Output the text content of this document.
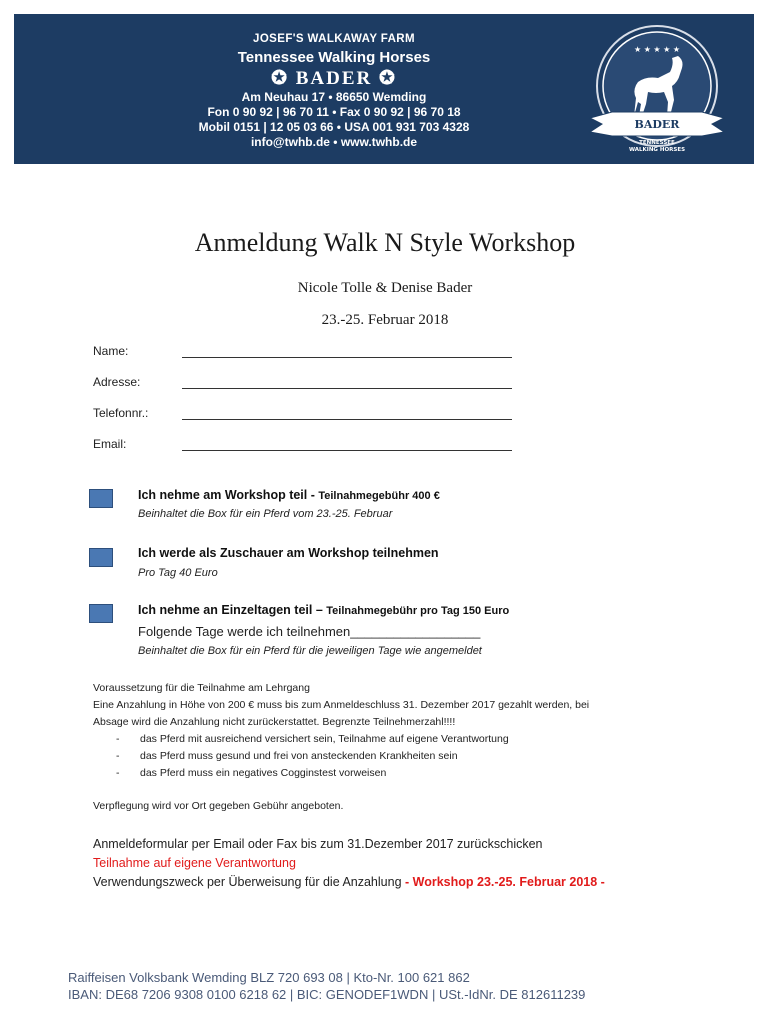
JOSEF'S WALKAWAY FARM
Tennessee Walking Horses
✪ BADER ✪
Am Neuhau 17 • 86650 Wemding
Fon 0 90 92 | 96 70 11 • Fax 0 90 92 | 96 70 18
Mobil 0151 | 12 05 03 66 • USA 001 931 703 4328
info@twhb.de • www.twhb.de
★ ★ ★ ★ ★
BADER
TENNESSEE
WALKING HORSES
Anmeldung Walk N Style Workshop
Nicole Tolle & Denise Bader
23.-25. Februar 2018
Name:
Adresse:
Telefonnr.:
Email:
Ich nehme am Workshop teil - Teilnahmegebühr 400 €
Beinhaltet die Box für ein Pferd vom 23.-25. Februar
Ich werde als Zuschauer am Workshop teilnehmen
Pro Tag 40 Euro
Ich nehme an Einzeltagen teil – Teilnahmegebühr pro Tag 150 Euro
Folgende Tage werde ich teilnehmen__________________
Beinhaltet die Box für ein Pferd für die jeweiligen Tage wie angemeldet
Voraussetzung für die Teilnahme am Lehrgang
Eine Anzahlung in Höhe von 200 € muss bis zum Anmeldeschluss 31. Dezember 2017 gezahlt werden, bei
Absage wird die Anzahlung nicht zurückerstattet. Begrenzte Teilnehmerzahl!!!!
- das Pferd mit ausreichend versichert sein, Teilnahme auf eigene Verantwortung
- das Pferd muss gesund und frei von ansteckenden Krankheiten sein
- das Pferd muss ein negatives Cogginstest vorweisen
Verpflegung wird vor Ort gegeben Gebühr angeboten.
Anmeldeformular per Email oder Fax bis zum 31.Dezember 2017 zurückschicken
Teilnahme auf eigene Verantwortung
Verwendungszweck per Überweisung für die Anzahlung - Workshop 23.-25. Februar 2018 -
Raiffeisen Volksbank Wemding BLZ 720 693 08 | Kto-Nr. 100 621 862
IBAN: DE68 7206 9308 0100 6218 62 | BIC: GENODEF1WDN | USt.-IdNr. DE 812611239
